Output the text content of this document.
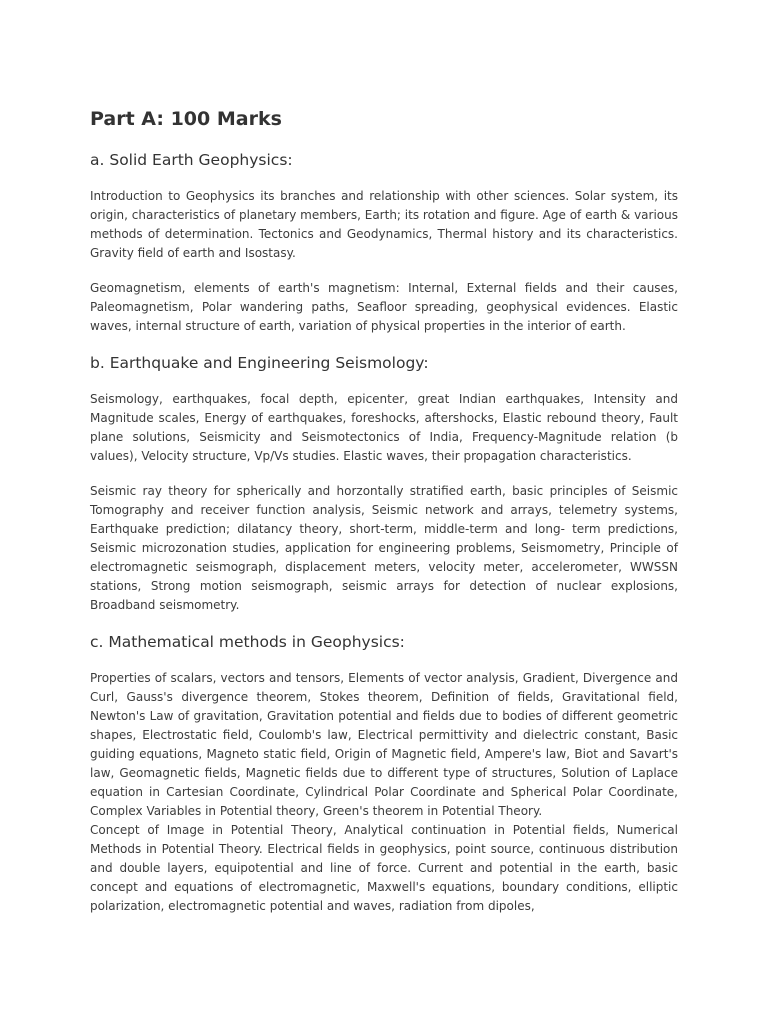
Part A: 100 Marks
a. Solid Earth Geophysics:

Introduction to Geophysics its branches and relationship with other sciences. Solar system, its origin, characteristics of planetary members, Earth; its rotation and figure. Age of earth & various methods of determination. Tectonics and Geodynamics, Thermal history and its characteristics. Gravity field of earth and Isostasy.

Geomagnetism, elements of earth's magnetism: Internal, External fields and their causes, Paleomagnetism, Polar wandering paths, Seafloor spreading, geophysical evidences. Elastic waves, internal structure of earth, variation of physical properties in the interior of earth.

b. Earthquake and Engineering Seismology:

Seismology, earthquakes, focal depth, epicenter, great Indian earthquakes, Intensity and Magnitude scales, Energy of earthquakes, foreshocks, aftershocks, Elastic rebound theory, Fault plane solutions, Seismicity and Seismotectonics of India, Frequency-Magnitude relation (b values), Velocity structure, Vp/Vs studies. Elastic waves, their propagation characteristics.

Seismic ray theory for spherically and horzontally stratified earth, basic principles of Seismic Tomography and receiver function analysis, Seismic network and arrays, telemetry systems, Earthquake prediction; dilatancy theory, short-term, middle-term and long- term predictions, Seismic microzonation studies, application for engineering problems, Seismometry, Principle of electromagnetic seismograph, displacement meters, velocity meter, accelerometer, WWSSN stations, Strong motion seismograph, seismic arrays for detection of nuclear explosions, Broadband seismometry.

c. Mathematical methods in Geophysics:

Properties of scalars, vectors and tensors, Elements of vector analysis, Gradient, Divergence and Curl, Gauss's divergence theorem, Stokes theorem, Definition of fields, Gravitational field, Newton's Law of gravitation, Gravitation potential and fields due to bodies of different geometric shapes, Electrostatic field, Coulomb's law, Electrical permittivity and dielectric constant, Basic guiding equations, Magneto static field, Origin of Magnetic field, Ampere's law, Biot and Savart's law, Geomagnetic fields, Magnetic fields due to different type of structures, Solution of Laplace equation in Cartesian Coordinate, Cylindrical Polar Coordinate and Spherical Polar Coordinate, Complex Variables in Potential theory, Green's theorem in Potential Theory.

Concept of Image in Potential Theory, Analytical continuation in Potential fields, Numerical Methods in Potential Theory. Electrical fields in geophysics, point source, continuous distribution and double layers, equipotential and line of force. Current and potential in the earth, basic concept and equations of electromagnetic, Maxwell's equations, boundary conditions, elliptic polarization, electromagnetic potential and waves, radiation from dipoles,
